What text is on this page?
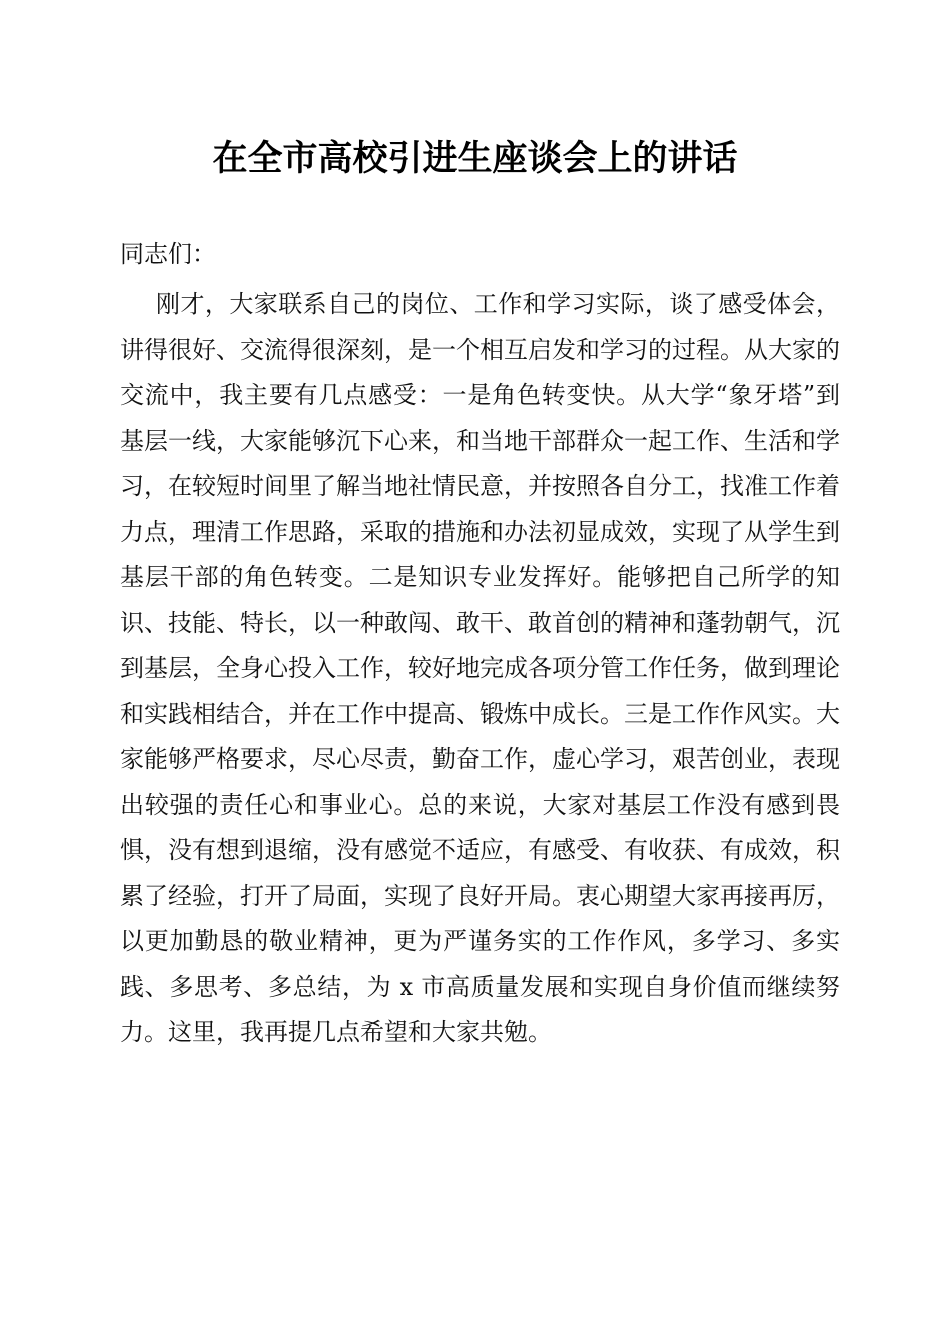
在全市高校引进生座谈会上的讲话
同志们：

刚才，大家联系自己的岗位、工作和学习实际，谈了感受体会，讲得很好、交流得很深刻，是一个相互启发和学习的过程。从大家的交流中，我主要有几点感受：一是角色转变快。从大学“象牙塔”到基层一线，大家能够沉下心来，和当地干部群众一起工作、生活和学习，在较短时间里了解当地社情民意，并按照各自分工，找准工作着力点，理清工作思路，采取的措施和办法初显成效，实现了从学生到基层干部的角色转变。二是知识专业发挥好。能够把自己所学的知识、技能、特长，以一种敢闯、敢干、敢首创的精神和蓬勃朝气，沉到基层，全身心投入工作，较好地完成各项分管工作任务，做到理论和实践相结合，并在工作中提高、锻炼中成长。三是工作作风实。大家能够严格要求，尽心尽责，勤奋工作，虚心学习，艰苦创业，表现出较强的责任心和事业心。总的来说，大家对基层工作没有感到畏惧，没有想到退缩，没有感觉不适应，有感受、有收获、有成效，积累了经验，打开了局面，实现了良好开局。衷心期望大家再接再厉，以更加勤恳的敬业精神，更为严谨务实的工作作风，多学习、多实践、多思考、多总结，为 x 市高质量发展和实现自身价值而继续努力。这里，我再提几点希望和大家共勉。
